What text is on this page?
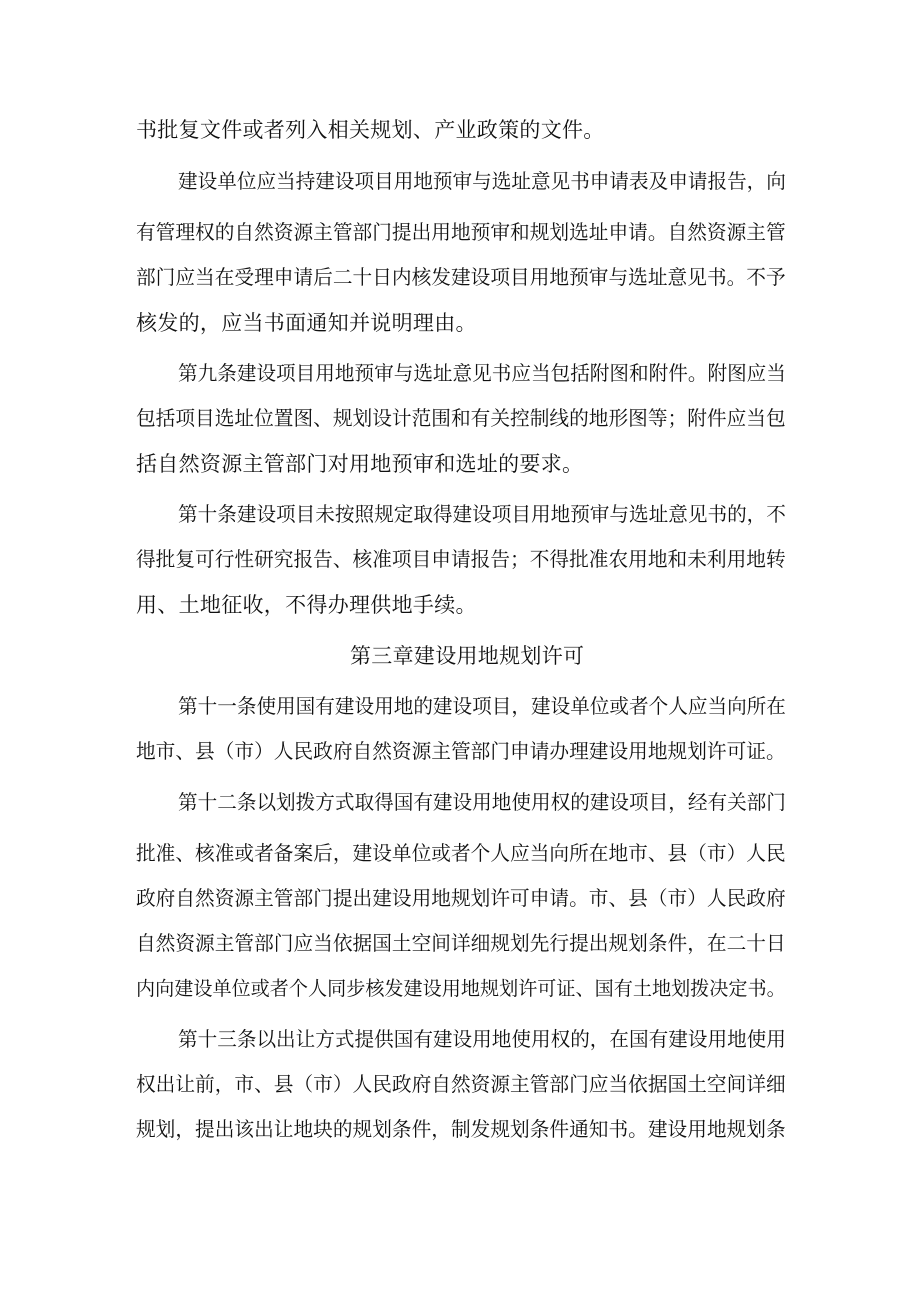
书批复文件或者列入相关规划、产业政策的文件。
建设单位应当持建设项目用地预审与选址意见书申请表及申请报告，向
有管理权的自然资源主管部门提出用地预审和规划选址申请。自然资源主管
部门应当在受理申请后二十日内核发建设项目用地预审与选址意见书。不予
核发的，应当书面通知并说明理由。
第九条建设项目用地预审与选址意见书应当包括附图和附件。附图应当
包括项目选址位置图、规划设计范围和有关控制线的地形图等；附件应当包
括自然资源主管部门对用地预审和选址的要求。
第十条建设项目未按照规定取得建设项目用地预审与选址意见书的，不
得批复可行性研究报告、核准项目申请报告；不得批准农用地和未利用地转
用、土地征收，不得办理供地手续。
第三章建设用地规划许可
第十一条使用国有建设用地的建设项目，建设单位或者个人应当向所在
地市、县（市）人民政府自然资源主管部门申请办理建设用地规划许可证。
第十二条以划拨方式取得国有建设用地使用权的建设项目，经有关部门
批准、核准或者备案后，建设单位或者个人应当向所在地市、县（市）人民
政府自然资源主管部门提出建设用地规划许可申请。市、县（市）人民政府
自然资源主管部门应当依据国土空间详细规划先行提出规划条件，在二十日
内向建设单位或者个人同步核发建设用地规划许可证、国有土地划拨决定书。
第十三条以出让方式提供国有建设用地使用权的，在国有建设用地使用
权出让前，市、县（市）人民政府自然资源主管部门应当依据国土空间详细
规划，提出该出让地块的规划条件，制发规划条件通知书。建设用地规划条
